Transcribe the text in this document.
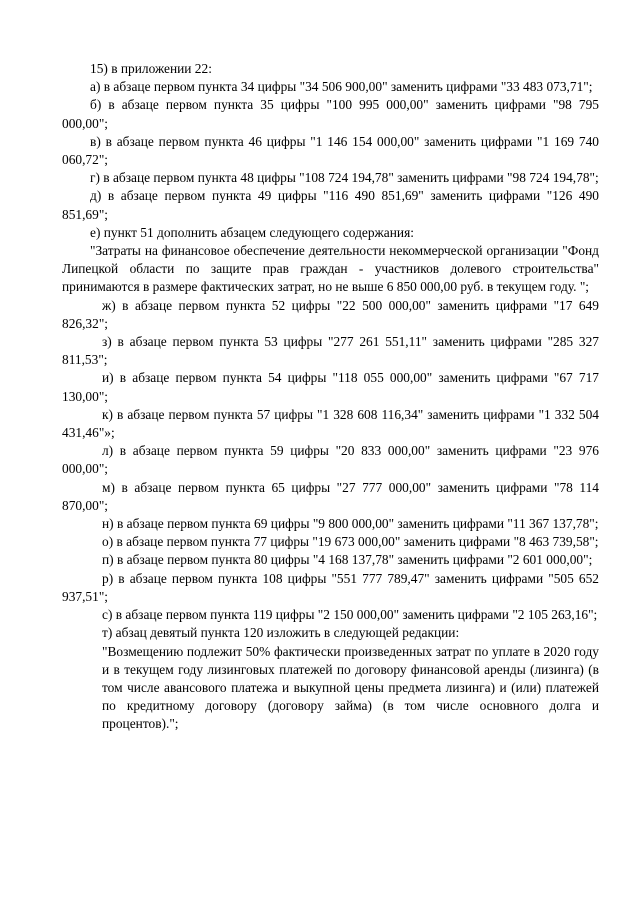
15) в приложении 22:

а) в абзаце первом пункта 34 цифры "34 506 900,00" заменить цифрами "33 483 073,71";

б) в абзаце первом пункта 35 цифры "100 995 000,00" заменить цифрами "98 795 000,00";

в) в абзаце первом пункта 46 цифры "1 146 154 000,00" заменить цифрами "1 169 740 060,72";

г) в абзаце первом пункта 48 цифры "108 724 194,78" заменить цифрами "98 724 194,78";

д) в абзаце первом пункта 49 цифры "116 490 851,69" заменить цифрами "126 490 851,69";

е) пункт 51 дополнить абзацем следующего содержания:

"Затраты на финансовое обеспечение деятельности некоммерческой организации "Фонд Липецкой области по защите прав граждан - участников долевого строительства" принимаются в размере фактических затрат, но не выше 6 850 000,00 руб. в текущем году. ";

ж) в абзаце первом пункта 52 цифры "22 500 000,00" заменить цифрами "17 649 826,32";

з) в абзаце первом пункта 53 цифры "277 261 551,11" заменить цифрами "285 327 811,53";

и) в абзаце первом пункта 54 цифры "118 055 000,00" заменить цифрами "67 717 130,00";

к) в абзаце первом пункта 57 цифры "1 328 608 116,34" заменить цифрами "1 332 504 431,46"»;

л) в абзаце первом пункта 59 цифры "20 833 000,00" заменить цифрами "23 976 000,00";

м) в абзаце первом пункта 65 цифры "27 777 000,00" заменить цифрами "78 114 870,00";

н) в абзаце первом пункта 69 цифры "9 800 000,00" заменить цифрами "11 367 137,78";

о) в абзаце первом пункта 77 цифры "19 673 000,00" заменить цифрами "8 463 739,58";

п) в абзаце первом пункта 80 цифры "4 168 137,78" заменить цифрами "2 601 000,00";

р) в абзаце первом пункта 108 цифры "551 777 789,47" заменить цифрами "505 652 937,51";

с) в абзаце первом пункта 119 цифры "2 150 000,00" заменить цифрами "2 105 263,16";

т) абзац девятый пункта 120 изложить в следующей редакции:

"Возмещению подлежит 50% фактически произведенных затрат по уплате в 2020 году и в текущем году лизинговых платежей по договору финансовой аренды (лизинга) (в том числе авансового платежа и выкупной цены предмета лизинга) и (или) платежей по кредитному договору (договору займа) (в том числе основного долга и процентов).";
